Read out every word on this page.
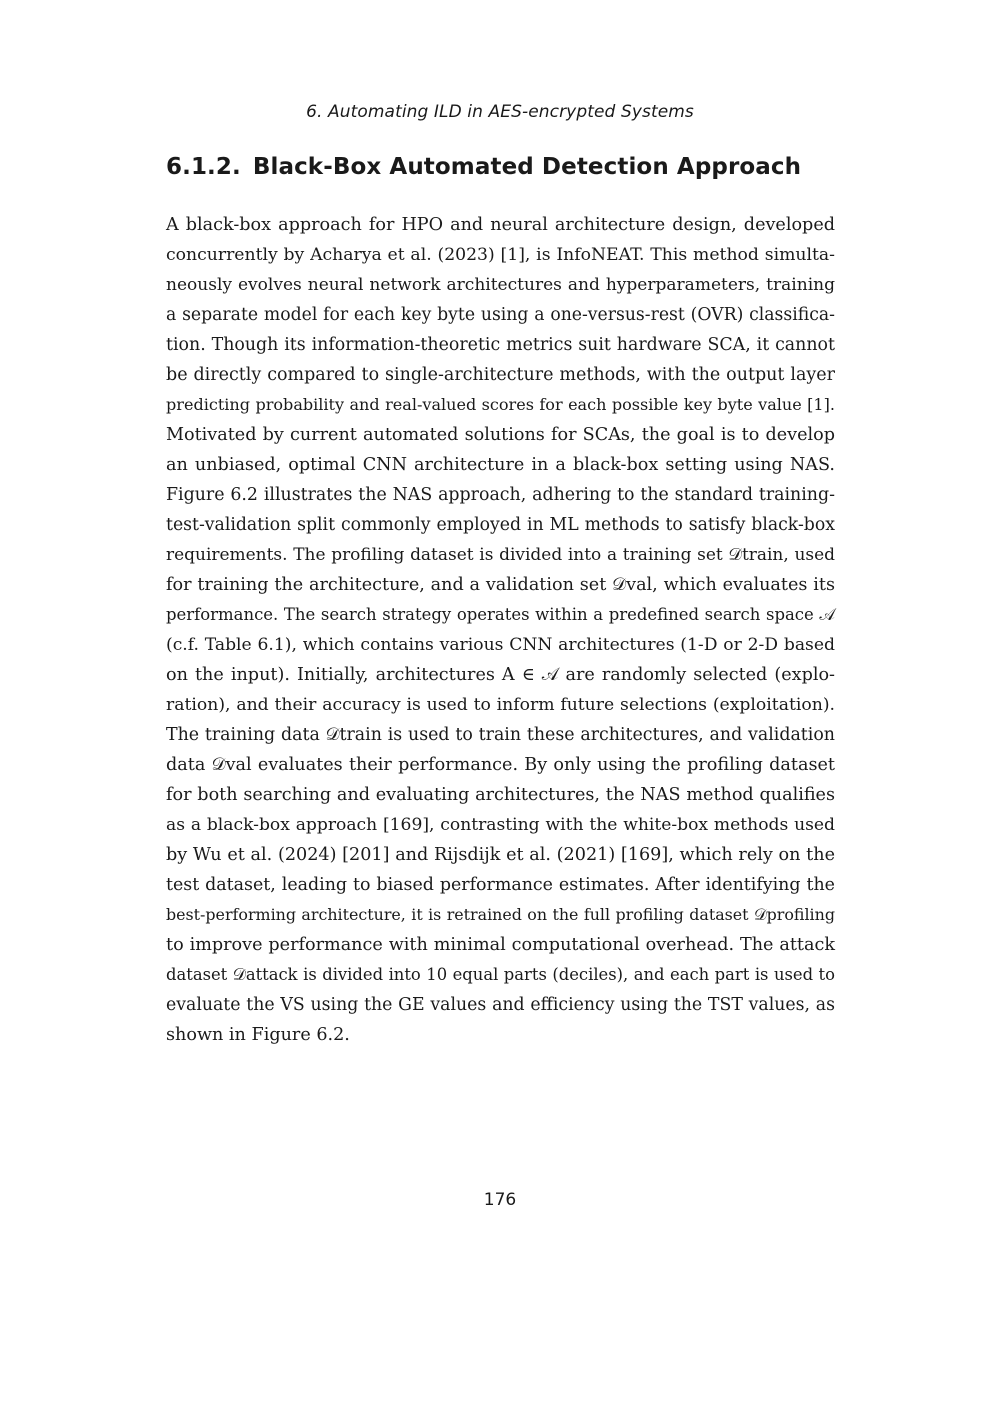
6. Automating ILD in AES-encrypted Systems
6.1.2. Black-Box Automated Detection Approach
A black-box approach for HPO and neural architecture design, developed
concurrently by Acharya et al. (2023) [1], is InfoNEAT. This method simulta-
neously evolves neural network architectures and hyperparameters, training
a separate model for each key byte using a one-versus-rest (OVR) classifica-
tion. Though its information-theoretic metrics suit hardware SCA, it cannot
be directly compared to single-architecture methods, with the output layer
predicting probability and real-valued scores for each possible key byte value [1].
Motivated by current automated solutions for SCAs, the goal is to develop
an unbiased, optimal CNN architecture in a black-box setting using NAS.
Figure 6.2 illustrates the NAS approach, adhering to the standard training-
test-validation split commonly employed in ML methods to satisfy black-box
requirements. The profiling dataset is divided into a training set 𝒟train, used
for training the architecture, and a validation set 𝒟val, which evaluates its
performance. The search strategy operates within a predefined search space 𝒜
(c.f. Table 6.1), which contains various CNN architectures (1-D or 2-D based
on the input). Initially, architectures A ∈ 𝒜 are randomly selected (explo-
ration), and their accuracy is used to inform future selections (exploitation).
The training data 𝒟train is used to train these architectures, and validation
data 𝒟val evaluates their performance. By only using the profiling dataset
for both searching and evaluating architectures, the NAS method qualifies
as a black-box approach [169], contrasting with the white-box methods used
by Wu et al. (2024) [201] and Rijsdijk et al. (2021) [169], which rely on the
test dataset, leading to biased performance estimates. After identifying the
best-performing architecture, it is retrained on the full profiling dataset 𝒟profiling
to improve performance with minimal computational overhead. The attack
dataset 𝒟attack is divided into 10 equal parts (deciles), and each part is used to
evaluate the VS using the GE values and efficiency using the TST values, as
shown in Figure 6.2.
176
